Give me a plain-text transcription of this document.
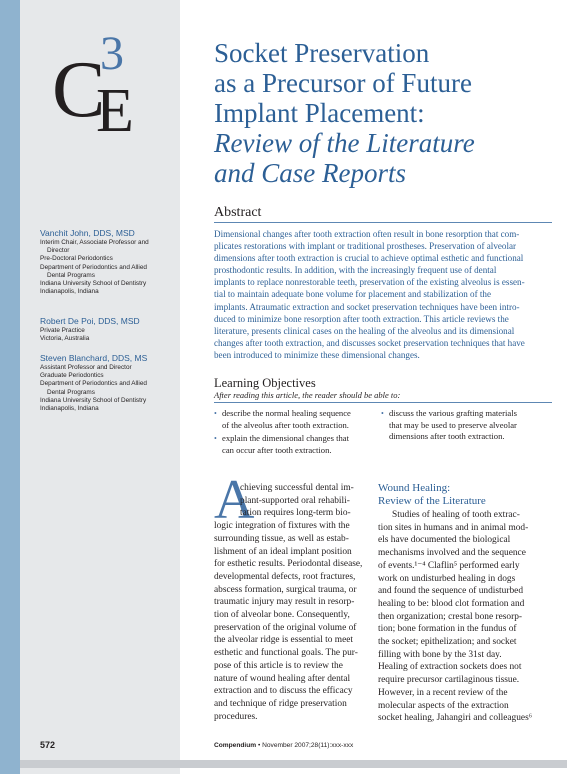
C
E
3	Socket Preservation
as a Precursor of Future
Implant Placement:
Review of the Literature
and Case Reports
Abstract
Dimensional changes after tooth extraction often result in bone resorption that com-
plicates restorations with implant or traditional prostheses. Preservation of alveolar
dimensions after tooth extraction is crucial to achieve optimal esthetic and functional
prosthodontic results. In addition, with the increasingly frequent use of dental
implants to replace nonrestorable teeth, preservation of the existing alveolus is essen-
tial to maintain adequate bone volume for placement and stabilization of the
implants. Atraumatic extraction and socket preservation techniques have been intro-
duced to minimize bone resorption after tooth extraction. This article reviews the
literature, presents clinical cases on the healing of the alveolus and its dimensional
changes after tooth extraction, and discusses socket preservation techniques that have
been introduced to minimize these dimensional changes.
Vanchit John, DDS, MSD
Interim Chair, Associate Professor and
Director
Pre-Doctoral Periodontics
Department of Periodontics and Allied
Dental Programs
Indiana University School of Dentistry
Indianapolis, Indiana
Robert De Poi, DDS, MSD
Private Practice
Victoria, Australia
Steven Blanchard, DDS, MS
Assistant Professor and Director
Graduate Periodontics
Department of Periodontics and Allied
Dental Programs
Indiana University School of Dentistry
Indianapolis, Indiana
Learning Objectives
After reading this article, the reader should be able to:
• describe the normal healing sequence
of the alveolus after tooth extraction.
• explain the dimensional changes that
can occur after tooth extraction.
• discuss the various grafting materials
that may be used to preserve alveolar
dimensions after tooth extraction.
A
chieving successful dental im-
plant-supported oral rehabili-
tation requires long-term bio-
logic integration of fixtures with the
surrounding tissue, as well as estab-
lishment of an ideal implant position
for esthetic results. Periodontal disease,
developmental defects, root fractures,
abscess formation, surgical trauma, or
traumatic injury may result in resorp-
tion of alveolar bone. Consequently,
preservation of the original volume of
the alveolar ridge is essential to meet
esthetic and functional goals. The pur-
pose of this article is to review the
nature of wound healing after dental
extraction and to discuss the efficacy
and technique of ridge preservation
procedures.
Wound Healing:
Review of the Literature
Studies of healing of tooth extrac-
tion sites in humans and in animal mod-
els have documented the biological
mechanisms involved and the sequence
of events.¹⁻⁴ Claflin⁵ performed early
work on undisturbed healing in dogs
and found the sequence of undisturbed
healing to be: blood clot formation and
then organization; crestal bone resorp-
tion; bone formation in the fundus of
the socket; epithelization; and socket
filling with bone by the 31st day.
Healing of extraction sockets does not
require precursor cartilaginous tissue.
However, in a recent review of the
molecular aspects of the extraction
socket healing, Jahangiri and colleagues⁶
572	Compendium • November 2007;28(11):xxx-xxx
